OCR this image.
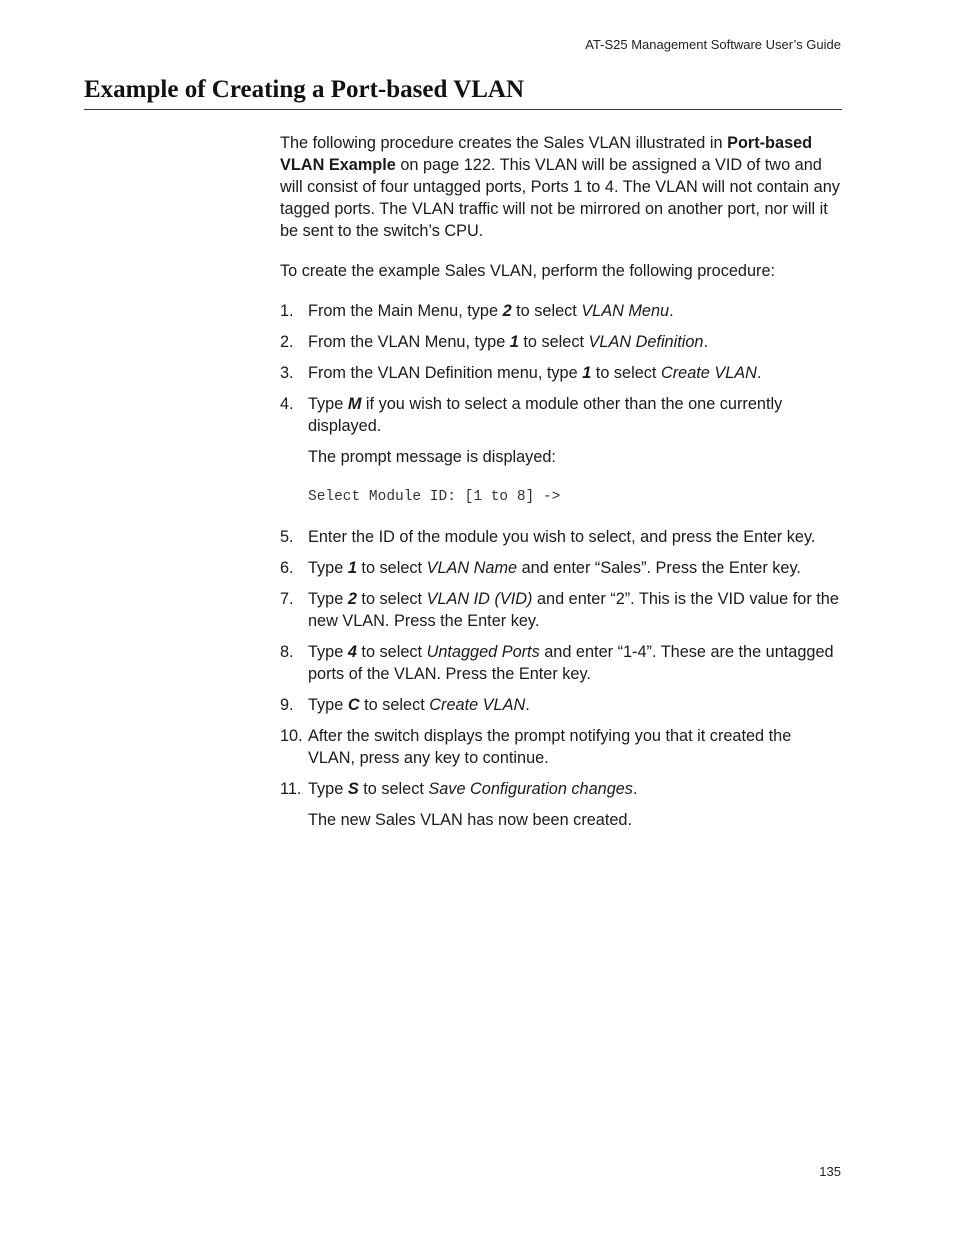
AT-S25 Management Software User’s Guide
Example of Creating a Port-based VLAN

The following procedure creates the Sales VLAN illustrated in Port-based VLAN Example on page 122. This VLAN will be assigned a VID of two and will consist of four untagged ports, Ports 1 to 4. The VLAN will not contain any tagged ports. The VLAN traffic will not be mirrored on another port, nor will it be sent to the switch’s CPU.

To create the example Sales VLAN, perform the following procedure:

1. From the Main Menu, type 2 to select VLAN Menu.
2. From the VLAN Menu, type 1 to select VLAN Definition.
3. From the VLAN Definition menu, type 1 to select Create VLAN.
4. Type M if you wish to select a module other than the one currently displayed.

The prompt message is displayed:

Select Module ID: [1 to 8] ->

5. Enter the ID of the module you wish to select, and press the Enter key.
6. Type 1 to select VLAN Name and enter “Sales”. Press the Enter key.
7. Type 2 to select VLAN ID (VID) and enter “2”. This is the VID value for the new VLAN. Press the Enter key.
8. Type 4 to select Untagged Ports and enter “1-4”. These are the untagged ports of the VLAN. Press the Enter key.
9. Type C to select Create VLAN.
10. After the switch displays the prompt notifying you that it created the VLAN, press any key to continue.
11. Type S to select Save Configuration changes.

The new Sales VLAN has now been created.

135
